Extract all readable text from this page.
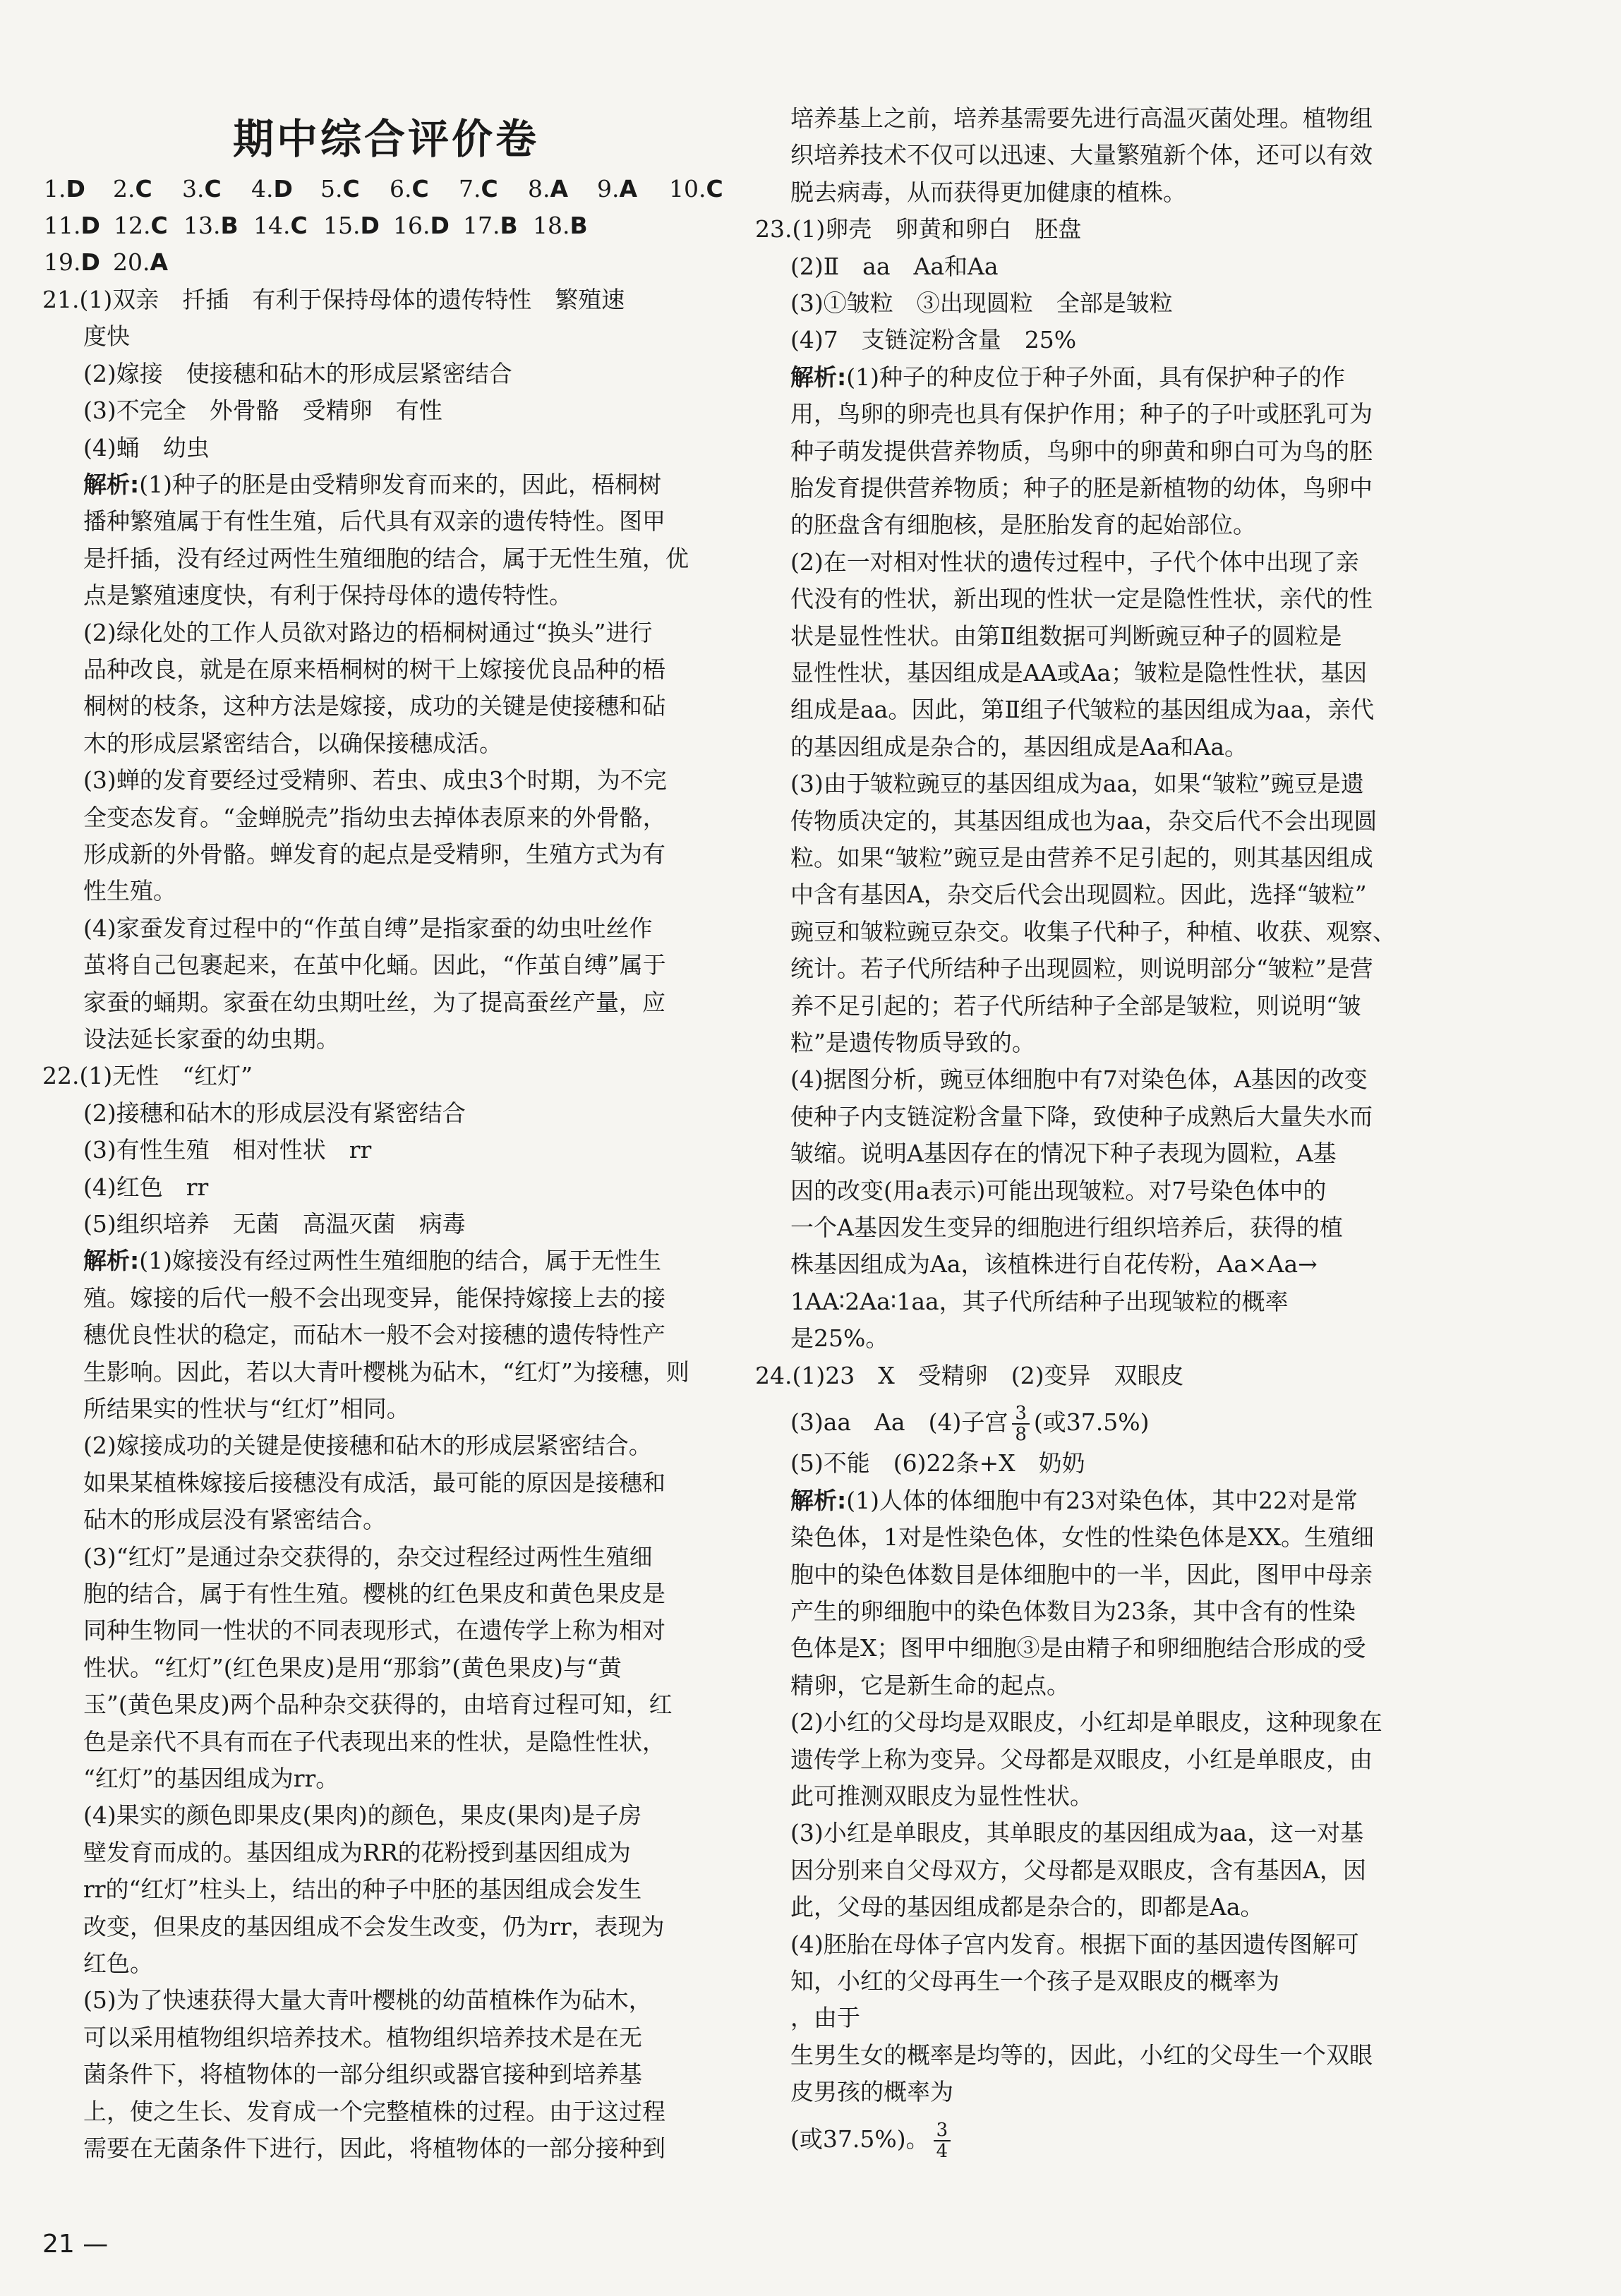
期中综合评价卷
1.D 2.C 3.C 4.D 5.C 6.C 7.C 8.A 9.A 10.C
11.D 12.C 13.B 14.C 15.D 16.D 17.B 18.B
19.D 20.A
21.(1)双亲　扦插　有利于保持母体的遗传特性　繁殖速
度快
(2)嫁接　使接穗和砧木的形成层紧密结合
(3)不完全　外骨骼　受精卵　有性
(4)蛹　幼虫
解析:(1)种子的胚是由受精卵发育而来的，因此，梧桐树
播种繁殖属于有性生殖，后代具有双亲的遗传特性。图甲
是扦插，没有经过两性生殖细胞的结合，属于无性生殖，优
点是繁殖速度快，有利于保持母体的遗传特性。
(2)绿化处的工作人员欲对路边的梧桐树通过“换头”进行
品种改良，就是在原来梧桐树的树干上嫁接优良品种的梧
桐树的枝条，这种方法是嫁接，成功的关键是使接穗和砧
木的形成层紧密结合，以确保接穗成活。
(3)蝉的发育要经过受精卵、若虫、成虫3个时期，为不完
全变态发育。“金蝉脱壳”指幼虫去掉体表原来的外骨骼，
形成新的外骨骼。蝉发育的起点是受精卵，生殖方式为有
性生殖。
(4)家蚕发育过程中的“作茧自缚”是指家蚕的幼虫吐丝作
茧将自己包裹起来，在茧中化蛹。因此，“作茧自缚”属于
家蚕的蛹期。家蚕在幼虫期吐丝，为了提高蚕丝产量，应
设法延长家蚕的幼虫期。
22.(1)无性　“红灯”
(2)接穗和砧木的形成层没有紧密结合
(3)有性生殖　相对性状　rr
(4)红色　rr
(5)组织培养　无菌　高温灭菌　病毒
解析:(1)嫁接没有经过两性生殖细胞的结合，属于无性生
殖。嫁接的后代一般不会出现变异，能保持嫁接上去的接
穗优良性状的稳定，而砧木一般不会对接穗的遗传特性产
生影响。因此，若以大青叶樱桃为砧木，“红灯”为接穗，则
所结果实的性状与“红灯”相同。
(2)嫁接成功的关键是使接穗和砧木的形成层紧密结合。
如果某植株嫁接后接穗没有成活，最可能的原因是接穗和
砧木的形成层没有紧密结合。
(3)“红灯”是通过杂交获得的，杂交过程经过两性生殖细
胞的结合，属于有性生殖。樱桃的红色果皮和黄色果皮是
同种生物同一性状的不同表现形式，在遗传学上称为相对
性状。“红灯”(红色果皮)是用“那翁”(黄色果皮)与“黄
玉”(黄色果皮)两个品种杂交获得的，由培育过程可知，红
色是亲代不具有而在子代表现出来的性状，是隐性性状，
“红灯”的基因组成为rr。
(4)果实的颜色即果皮(果肉)的颜色，果皮(果肉)是子房
壁发育而成的。基因组成为RR的花粉授到基因组成为
rr的“红灯”柱头上，结出的种子中胚的基因组成会发生
改变，但果皮的基因组成不会发生改变，仍为rr，表现为
红色。
(5)为了快速获得大量大青叶樱桃的幼苗植株作为砧木，
可以采用植物组织培养技术。植物组织培养技术是在无
菌条件下，将植物体的一部分组织或器官接种到培养基
上，使之生长、发育成一个完整植株的过程。由于这过程
需要在无菌条件下进行，因此，将植物体的一部分接种到
培养基上之前，培养基需要先进行高温灭菌处理。植物组
织培养技术不仅可以迅速、大量繁殖新个体，还可以有效
脱去病毒，从而获得更加健康的植株。
23.(1)卵壳　卵黄和卵白　胚盘
(2)Ⅱ　aa　Aa和Aa
(3)①皱粒　③出现圆粒　全部是皱粒
(4)7　支链淀粉含量　25%
解析:(1)种子的种皮位于种子外面，具有保护种子的作
用，鸟卵的卵壳也具有保护作用；种子的子叶或胚乳可为
种子萌发提供营养物质，鸟卵中的卵黄和卵白可为鸟的胚
胎发育提供营养物质；种子的胚是新植物的幼体，鸟卵中
的胚盘含有细胞核，是胚胎发育的起始部位。
(2)在一对相对性状的遗传过程中，子代个体中出现了亲
代没有的性状，新出现的性状一定是隐性性状，亲代的性
状是显性性状。由第Ⅱ组数据可判断豌豆种子的圆粒是
显性性状，基因组成是AA或Aa；皱粒是隐性性状，基因
组成是aa。因此，第Ⅱ组子代皱粒的基因组成为aa，亲代
的基因组成是杂合的，基因组成是Aa和Aa。
(3)由于皱粒豌豆的基因组成为aa，如果“皱粒”豌豆是遗
传物质决定的，其基因组成也为aa，杂交后代不会出现圆
粒。如果“皱粒”豌豆是由营养不足引起的，则其基因组成
中含有基因A，杂交后代会出现圆粒。因此，选择“皱粒”
豌豆和皱粒豌豆杂交。收集子代种子，种植、收获、观察、
统计。若子代所结种子出现圆粒，则说明部分“皱粒”是营
养不足引起的；若子代所结种子全部是皱粒，则说明“皱
粒”是遗传物质导致的。
(4)据图分析，豌豆体细胞中有7对染色体，A基因的改变
使种子内支链淀粉含量下降，致使种子成熟后大量失水而
皱缩。说明A基因存在的情况下种子表现为圆粒，A基
因的改变(用a表示)可能出现皱粒。对7号染色体中的
一个A基因发生变异的细胞进行组织培养后，获得的植
株基因组成为Aa，该植株进行自花传粉，Aa×Aa→
1AA∶2Aa∶1aa，其子代所结种子出现皱粒的概率
是25%。
24.(1)23　X　受精卵　(2)变异　双眼皮
(3)aa　Aa　(4)子宫 $\frac{3}{8}$ (或37.5%)
(5)不能　(6)22条+X　奶奶
解析:(1)人体的体细胞中有23对染色体，其中22对是常
染色体，1对是性染色体，女性的性染色体是XX。生殖细
胞中的染色体数目是体细胞中的一半，因此，图甲中母亲
产生的卵细胞中的染色体数目为23条，其中含有的性染
色体是X；图甲中细胞③是由精子和卵细胞结合形成的受
精卵，它是新生命的起点。
(2)小红的父母均是双眼皮，小红却是单眼皮，这种现象在
遗传学上称为变异。父母都是双眼皮，小红是单眼皮，由
此可推测双眼皮为显性性状。
(3)小红是单眼皮，其单眼皮的基因组成为aa，这一对基
因分别来自父母双方，父母都是双眼皮，含有基因A，因
此，父母的基因组成都是杂合的，即都是Aa。
(4)胚胎在母体子宫内发育。根据下面的基因遗传图解可
知，小红的父母再生一个孩子是双眼皮的概率为
，由于
生男生女的概率是均等的，因此，小红的父母生一个双眼
皮男孩的概率为
(或37.5%)。 $\frac{3}{4}$
21 —
